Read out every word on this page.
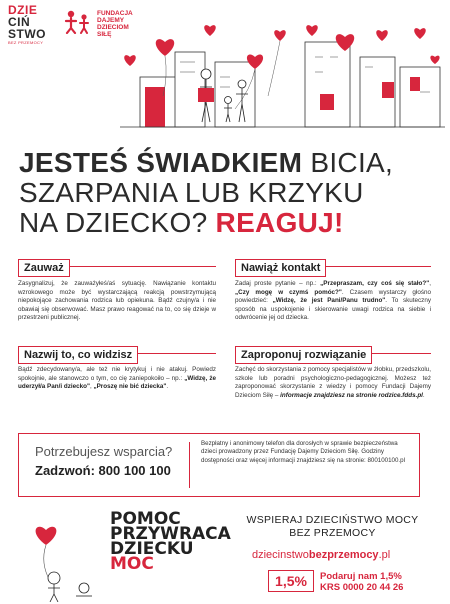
DZIE
CIŃ
STWO
BEZ PRZEMOCY
FUNDACJA
DAJEMY
DZIECIOM
SIŁĘ
JESTEŚ ŚWIADKIEM BICIA,
SZARPANIA LUB KRZYKU
NA DZIECKO? REAGUJ!
Zauważ
Zasygnalizuj, że zauważyłeś/aś sytuację. Nawiązanie kontaktu wzrokowego może być wystarczającą reakcją powstrzymującą niepokojące zachowania rodzica lub opiekuna. Bądź czujny/a i nie obawiaj się obserwować. Masz prawo reagować na to, co się dzieje w przestrzeni publicznej.
Nawiąż kontakt
Zadaj proste pytanie – np.: „Przepraszam, czy coś się stało?", „Czy mogę w czymś pomóc?". Czasem wystarczy głośno powiedzieć: „Widzę, że jest Pani/Panu trudno". To skuteczny sposób na uspokojenie i skierowanie uwagi rodzica na siebie i odwrócenie jej od dziecka.
Nazwij to, co widzisz
Bądź zdecydowany/a, ale też nie krytykuj i nie atakuj. Powiedz spokojnie, ale stanowczo o tym, co cię zaniepokoiło – np.: „Widzę, że uderzył/a Pan/i dziecko", „Proszę nie bić dziecka".
Zaproponuj rozwiązanie
Zachęć do skorzystania z pomocy specjalistów w żłobku, przedszkolu, szkole lub poradni psychologiczno-pedagogicznej. Możesz też zaproponować skorzystanie z wiedzy i pomocy Fundacji Dajemy Dzieciom Siłę – informacje znajdziesz na stronie rodzice.fdds.pl.
Potrzebujesz wsparcia?
Zadzwoń: 800 100 100
Bezpłatny i anonimowy telefon dla dorosłych w sprawie bezpieczeństwa dzieci prowadzony przez Fundację Dajemy Dzieciom Siłę. Godziny dostępności oraz więcej informacji znajdziesz się na stronie: 800100100.pl
POMOC
PRZYWRACA
DZIECKU
MOC
WSPIERAJ DZIECIŃSTWO MOCY
BEZ PRZEMOCY
dziecinstwobezprzemocy.pl
1,5%	Podaruj nam 1,5%
KRS 0000 20 44 26
